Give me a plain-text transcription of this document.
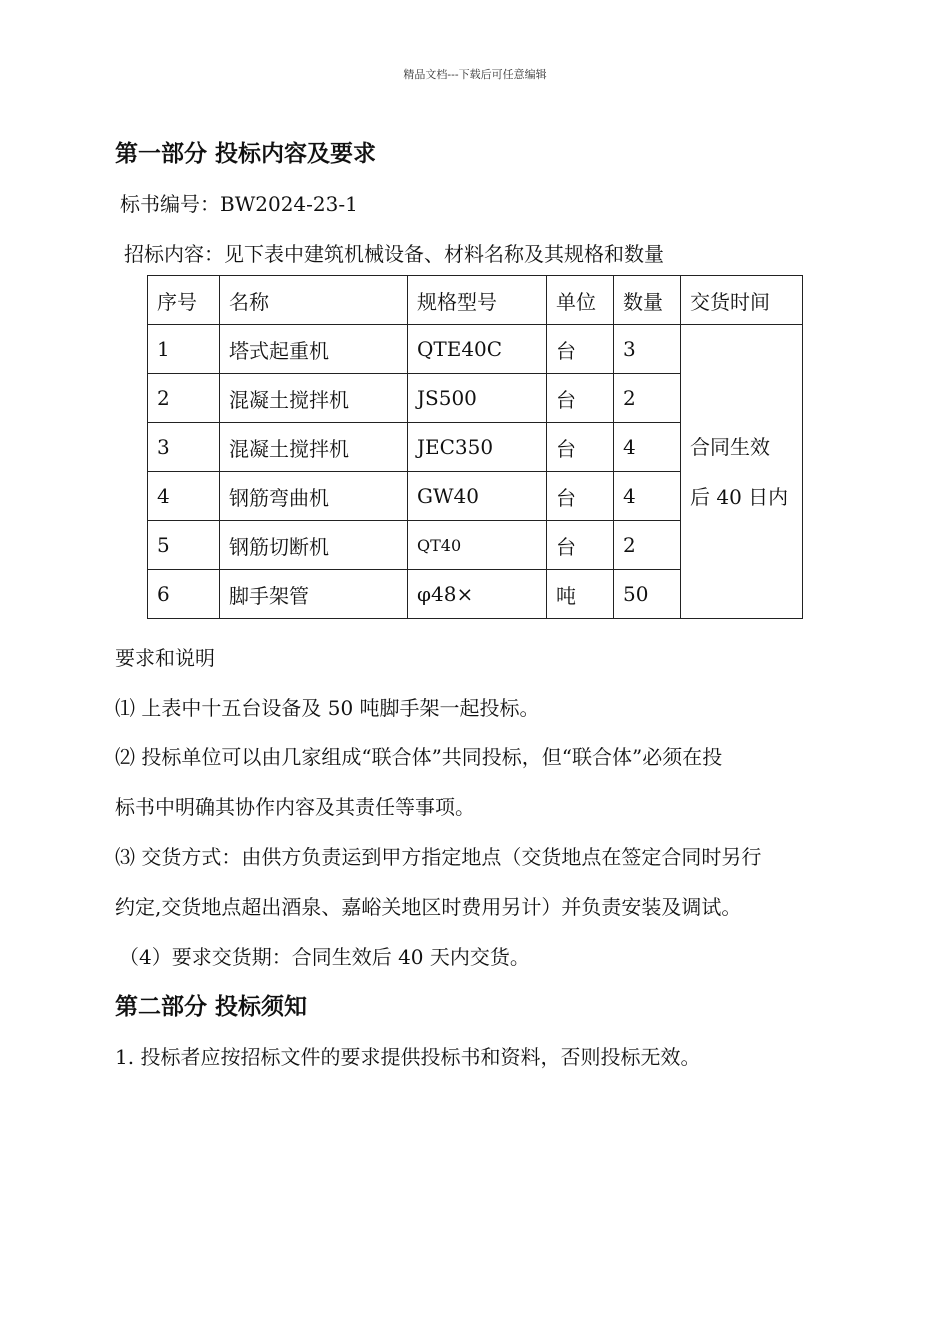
精品文档---下载后可任意编辑
第一部分 投标内容及要求
标书编号：BW2024-23-1
招标内容：见下表中建筑机械设备、材料名称及其规格和数量
序号	名称	规格型号	单位	数量	交货时间
1	塔式起重机	QTE40C	台	3	合同生效
后 40 日内

2	混凝土搅拌机	JS500	台	2	
3	混凝土搅拌机	JEC350	台	4	
4	钢筋弯曲机	GW40	台	4	
5	钢筋切断机	QT40	台	2	
6	脚手架管	φ48×	吨	50	
要求和说明
⑴ 上表中十五台设备及 50 吨脚手架一起投标。
⑵ 投标单位可以由几家组成“联合体”共同投标，但“联合体”必须在投
标书中明确其协作内容及其责任等事项。
⑶ 交货方式：由供方负责运到甲方指定地点（交货地点在签定合同时另行
约定,交货地点超出酒泉、嘉峪关地区时费用另计）并负责安装及调试。
（4）要求交货期：合同生效后 40 天内交货。
第二部分 投标须知
1. 投标者应按招标文件的要求提供投标书和资料，否则投标无效。
